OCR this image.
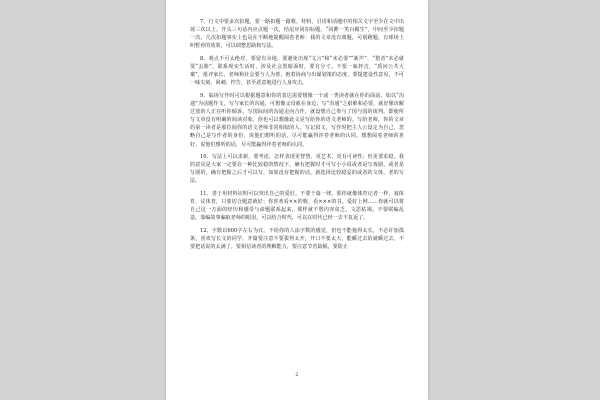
7、行文中要多次扣题，要一路扣题一路歌，材料、引语和话题中的相关文字至少在文中出现三次以上。开头三句话内应点题一次，结尾应回扣标题，“回眸一笑百媚生”，中间至少扣题一次。几次扣题事实上也是在不断地提醒阅卷老师：我的文章没有离题，可别跑题。有球场上叫暂停的效果，可以调整思路和写法。

8、观点不可太绝对，要留有余地，要避免出现“文言”和“未必要”“新声”、“猎者”未必就要“丢脸”，联系现实生活时，涉及社会黑暗面时，要有分寸。不要一味抨击，“质问公共大案”，批评家长，老师和社会要与人为善，抱着协商与出谋划策的态度，要提建设性意见，不可一味尖刻、讽刺、控告，甚至恶意地进行人身攻击。

9、临场写作时可以根据题意和你的表达需要想像一个或一类读者就在你的面前。如以“沟通”为话题作文，写与家长的沟通，可想像父母就在身边；写“沟通”之艰难和必要，就好像该解过放的人正在听你倾诉。写国际间的沟通走向合作，就设想自己参与了国与国的谈判。即使所写文章没有明确的阅读对象，你也可以想像此文是写给你的语文老师的。写给老师，你的文章的第一读者是那位阅你的语文老师非常相似的人。写记叙文，写作时把主人公设定为自己，忽略自己是写作者的身份，说他们想听的话，尽可能赢得评卷老师的认同。想想阅卷老师的喜好，说他们想听的话，尽可能赢得评卷老师的认同。

10、写法上可以求新，要考虑，怎样表现更智慧，更艺术，更有可读性；但更要求稳。我的意见是大家一定要在一种比较稳的情况下，确有把握时才可写小小说或者是写戏剧，或者是写剧的，确有把握之后才可以写，如果没有把握的话，就选择比较稳妥的或者的文体，老的写法。

11、善于用材料证明可以突出自己的爱好。不要千篇一律。那你就像体育记者一样，叙体育，议体育，只要切合题意就好；你喜欢看××的歌，看×××的书，爱好上网……你就可以将自己这一方面的经历和感受与命题联系起来，那样就不愁内容贫乏，文思枯竭。不要联编乱造，靠编故事骗取老师的眼泪，可以结合时代，可以在时代已经一去不复返了。

12、字数以600字左右为宜。不给你的人涂字数的感觉，但也不能拖得太长，不必许加孤条，喜欢写长文的同学，开篇要注意不要拔得太开，开口不要太大，能瞬过去的就瞬过去，不要把话说的太满了。要相信读者的理解能力，要注意节省篇幅，要防止

2
